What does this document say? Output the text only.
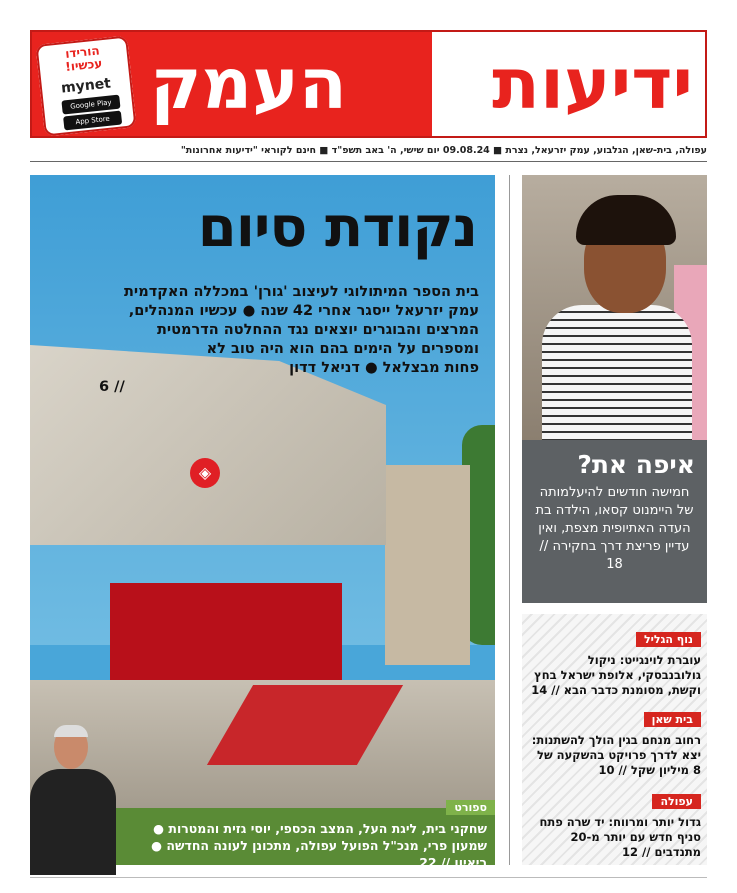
העמק
הורידו עכשיו!
mynet
Google Play
App Store	ידיעות
עפולה, בית-שאן, הגלבוע, עמק יזרעאל, נצרת ■ 09.08.24 יום שישי, ה' באב תשפ"ד ■ חינם לקוראי "ידיעות אחרונות"
◈
נקודת סיום
בית הספר המיתולוגי לעיצוב 'גורן' במכללה האקדמית
עמק יזרעאל ייסגר אחרי 42 שנה ● עכשיו המנהלים,
המרצים והבוגרים יוצאים נגד ההחלטה הדרמטית
ומספרים על הימים בהם הוא היה טוב לא
פחות מבצלאל ● דניאל דדון
// 6
ספורט
שחקני בית, ליגת העל, המצב הכספי, יוסי גזית והמטרות ● שמעון פרי, מנכ"ל הפועל עפולה, מתכונן לעונה החדשה ● ריאיון // 22
איפה את?
חמישה חודשים להיעלמותה של היימנוט קסאו, הילדה בת העדה האתיופית מצפת, ואין עדיין פריצת דרך בחקירה // 18
נוף הגליל
עוברת לוינגייט: ניקול גולובנבסקי, אלופת ישראל בחץ וקשת, מסומנת כדבר הבא // 14
בית שאן
רחוב מנחם בגין הולך להשתנות: יצא לדרך פרויקט בהשקעה של 8 מיליון שקל // 10
עפולה
גדול יותר ומרווח: יד שרה פתח סניף חדש עם יותר מ-20 מתנדבים // 12
